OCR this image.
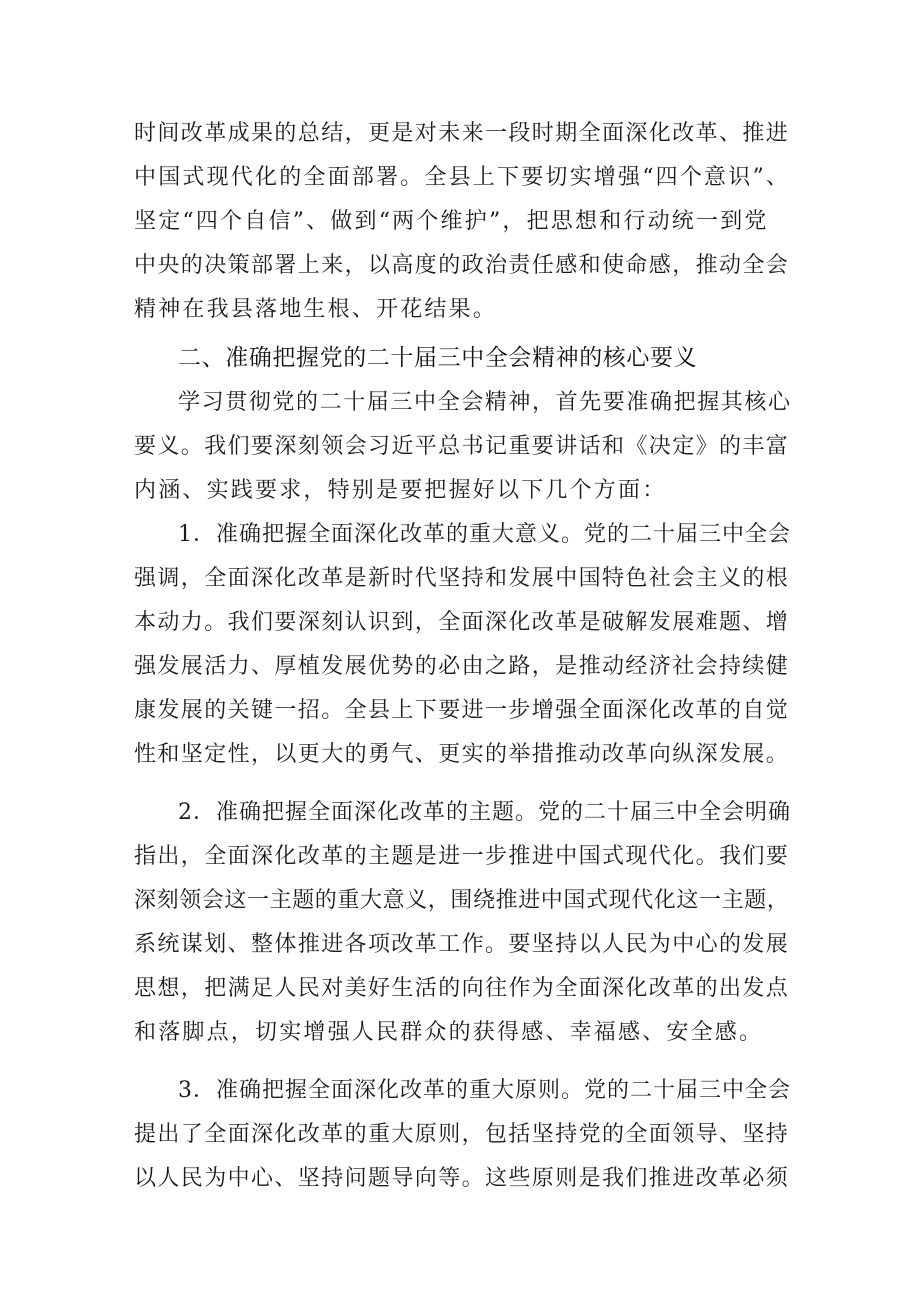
时间改革成果的总结，更是对未来一段时期全面深化改革、推进
中国式现代化的全面部署。全县上下要切实增强“四个意识”、
坚定“四个自信”、做到“两个维护”，把思想和行动统一到党
中央的决策部署上来，以高度的政治责任感和使命感，推动全会
精神在我县落地生根、开花结果。
二、准确把握党的二十届三中全会精神的核心要义
学习贯彻党的二十届三中全会精神，首先要准确把握其核心
要义。我们要深刻领会习近平总书记重要讲话和《决定》的丰富
内涵、实践要求，特别是要把握好以下几个方面：
1．准确把握全面深化改革的重大意义。党的二十届三中全会
强调，全面深化改革是新时代坚持和发展中国特色社会主义的根
本动力。我们要深刻认识到，全面深化改革是破解发展难题、增
强发展活力、厚植发展优势的必由之路，是推动经济社会持续健
康发展的关键一招。全县上下要进一步增强全面深化改革的自觉
性和坚定性，以更大的勇气、更实的举措推动改革向纵深发展。
2．准确把握全面深化改革的主题。党的二十届三中全会明确
指出，全面深化改革的主题是进一步推进中国式现代化。我们要
深刻领会这一主题的重大意义，围绕推进中国式现代化这一主题，
系统谋划、整体推进各项改革工作。要坚持以人民为中心的发展
思想，把满足人民对美好生活的向往作为全面深化改革的出发点
和落脚点，切实增强人民群众的获得感、幸福感、安全感。
3．准确把握全面深化改革的重大原则。党的二十届三中全会
提出了全面深化改革的重大原则，包括坚持党的全面领导、坚持
以人民为中心、坚持问题导向等。这些原则是我们推进改革必须
